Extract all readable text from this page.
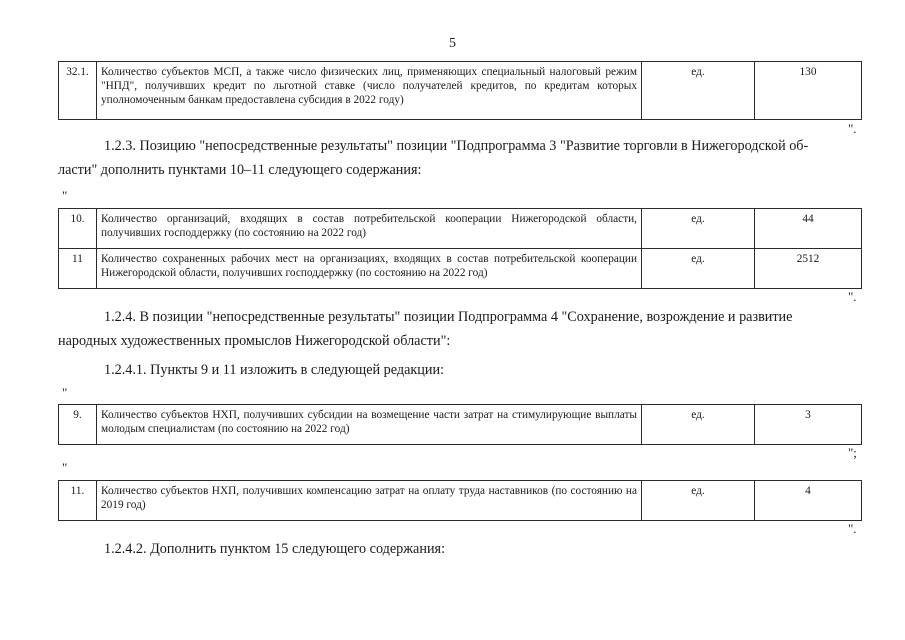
5
32.1.	Количество субъектов МСП, а также число физических лиц, применяющих специальный налоговый режим "НПД", получивших кредит по льготной ставке (число получателей кредитов, по кредитам которых уполномоченным банкам предоставлена субсидия в 2022 году)	ед.	130
".
1.2.3. Позицию "непосредственные результаты" позиции "Подпрограмма 3 "Развитие торговли в Нижегородской об-
ласти" дополнить пунктами 10–11 следующего содержания:
"
10.	Количество организаций, входящих в состав потребительской кооперации Нижегородской области, получивших господдержку (по состоянию на 2022 год)	ед.	44
11	Количество сохраненных рабочих мест на организациях, входящих в состав потребительской кооперации Нижегородской области, получивших господдержку (по состоянию на 2022 год)	ед.	2512
".
1.2.4. В позиции "непосредственные результаты" позиции Подпрограмма 4 "Сохранение, возрождение и развитие
народных художественных промыслов Нижегородской области":
1.2.4.1. Пункты 9 и 11 изложить в следующей редакции:
"
9.	Количество субъектов НХП, получивших субсидии на возмещение части затрат на стимулирующие выплаты молодым специалистам (по состоянию на 2022 год)	ед.	3
";
"
11.	Количество субъектов НХП, получивших компенсацию затрат на оплату труда наставников (по состоянию на 2019 год)	ед.	4
".
1.2.4.2. Дополнить пунктом 15 следующего содержания:
